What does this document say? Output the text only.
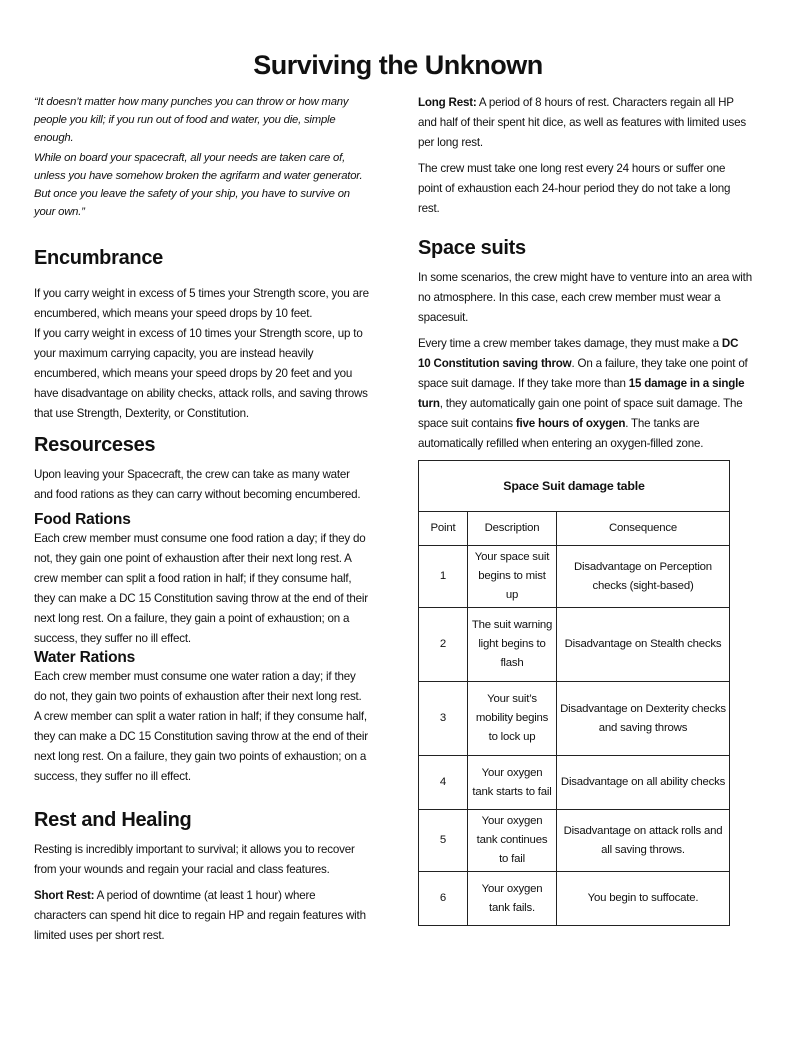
Surviving the Unknown

“It doesn’t matter how many punches you can throw or how many people you kill; if you run out of food and water, you die, simple enough.

While on board your spacecraft, all your needs are taken care of, unless you have somehow broken the agrifarm and water generator. But once you leave the safety of your ship, you have to survive on your own.”

Encumbrance

If you carry weight in excess of 5 times your Strength score, you are encumbered, which means your speed drops by 10 feet.

If you carry weight in excess of 10 times your Strength score, up to your maximum carrying capacity, you are instead heavily encumbered, which means your speed drops by 20 feet and you have disadvantage on ability checks, attack rolls, and saving throws that use Strength, Dexterity, or Constitution.

Resourceses

Upon leaving your Spacecraft, the crew can take as many water and food rations as they can carry without becoming encumbered.

Food Rations

Each crew member must consume one food ration a day; if they do not, they gain one point of exhaustion after their next long rest. A crew member can split a food ration in half; if they consume half, they can make a DC 15 Constitution saving throw at the end of their next long rest. On a failure, they gain a point of exhaustion; on a success, they suffer no ill effect.

Water Rations

Each crew member must consume one water ration a day; if they do not, they gain two points of exhaustion after their next long rest. A crew member can split a water ration in half; if they consume half, they can make a DC 15 Constitution saving throw at the end of their next long rest. On a failure, they gain two points of exhaustion; on a success, they suffer no ill effect.

Rest and Healing

Resting is incredibly important to survival; it allows you to recover from your wounds and regain your racial and class features.

Short Rest: A period of downtime (at least 1 hour) where characters can spend hit dice to regain HP and regain features with limited uses per short rest.

Long Rest: A period of 8 hours of rest. Characters regain all HP and half of their spent hit dice, as well as features with limited uses per long rest.

The crew must take one long rest every 24 hours or suffer one point of exhaustion each 24-hour period they do not take a long rest.

Space suits

In some scenarios, the crew might have to venture into an area with no atmosphere. In this case, each crew member must wear a spacesuit.

Every time a crew member takes damage, they must make a DC 10 Constitution saving throw. On a failure, they take one point of space suit damage. If they take more than 15 damage in a single turn, they automatically gain one point of space suit damage. The space suit contains five hours of oxygen. The tanks are automatically refilled when entering an oxygen-filled zone.

Space Suit damage table		
Point	Description	Consequence
1	Your space suit begins to mist up	Disadvantage on Perception checks (sight-based)
2	The suit warning light begins to flash	Disadvantage on Stealth checks
3	Your suit’s mobility begins to lock up	Disadvantage on Dexterity checks and saving throws
4	Your oxygen tank starts to fail	Disadvantage on all ability checks
5	Your oxygen tank continues to fail	Disadvantage on attack rolls and all saving throws.
6	Your oxygen tank fails.	You begin to suffocate.
